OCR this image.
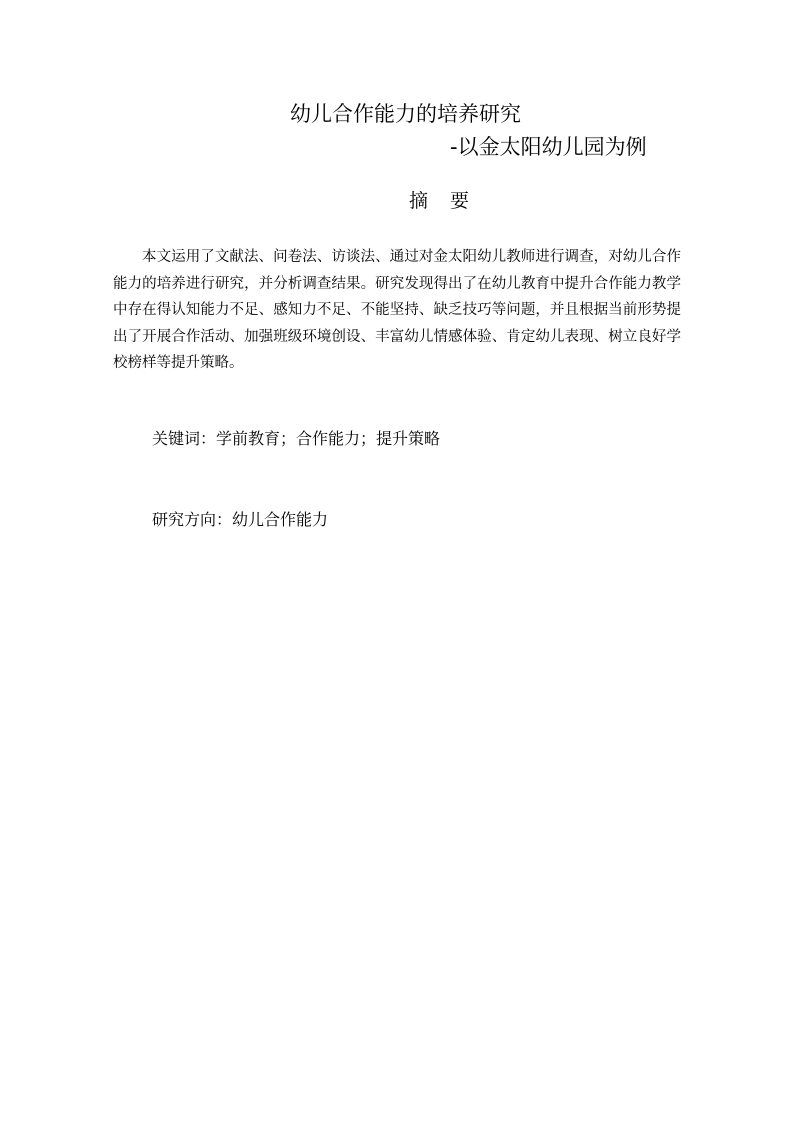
幼儿合作能力的培养研究
-以金太阳幼儿园为例
摘要
本文运用了文献法、问卷法、访谈法、通过对金太阳幼儿教师进行调查，对幼儿合作能力的培养进行研究，并分析调查结果。研究发现得出了在幼儿教育中提升合作能力教学中存在得认知能力不足、感知力不足、不能坚持、缺乏技巧等问题，并且根据当前形势提出了开展合作活动、加强班级环境创设、丰富幼儿情感体验、肯定幼儿表现、树立良好学校榜样等提升策略。
关键词：学前教育；合作能力；提升策略
研究方向：幼儿合作能力
